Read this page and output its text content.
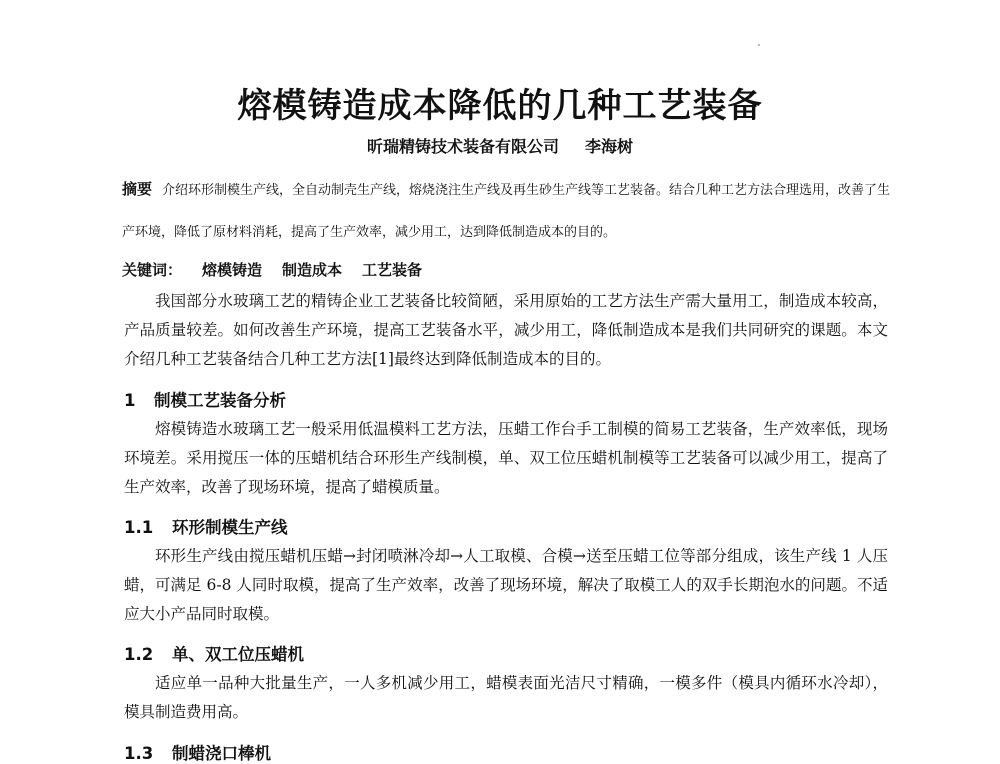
熔模铸造成本降低的几种工艺装备
昕瑞精铸技术装备有限公司 李海树

摘要 介绍环形制模生产线，全自动制壳生产线，熔烧浇注生产线及再生砂生产线等工艺装备。结合几种工艺方法合理选用，改善了生产环境，降低了原材料消耗，提高了生产效率，减少用工，达到降低制造成本的目的。

关键词： 熔模铸造 制造成本 工艺装备

我国部分水玻璃工艺的精铸企业工艺装备比较简陋，采用原始的工艺方法生产需大量用工，制造成本较高，产品质量较差。如何改善生产环境，提高工艺装备水平，减少用工，降低制造成本是我们共同研究的课题。本文介绍几种工艺装备结合几种工艺方法[1]最终达到降低制造成本的目的。

1 制模工艺装备分析

熔模铸造水玻璃工艺一般采用低温模料工艺方法，压蜡工作台手工制模的简易工艺装备，生产效率低，现场环境差。采用搅压一体的压蜡机结合环形生产线制模，单、双工位压蜡机制模等工艺装备可以减少用工，提高了生产效率，改善了现场环境，提高了蜡模质量。

1.1 环形制模生产线

环形生产线由搅压蜡机压蜡→封闭喷淋冷却→人工取模、合模→送至压蜡工位等部分组成，该生产线 1 人压蜡，可满足 6-8 人同时取模，提高了生产效率，改善了现场环境，解决了取模工人的双手长期泡水的问题。不适应大小产品同时取模。

1.2 单、双工位压蜡机

适应单一品种大批量生产，一人多机减少用工，蜡模表面光洁尺寸精确，一模多件（模具内循环水冷却），模具制造费用高。

1.3 制蜡浇口棒机
